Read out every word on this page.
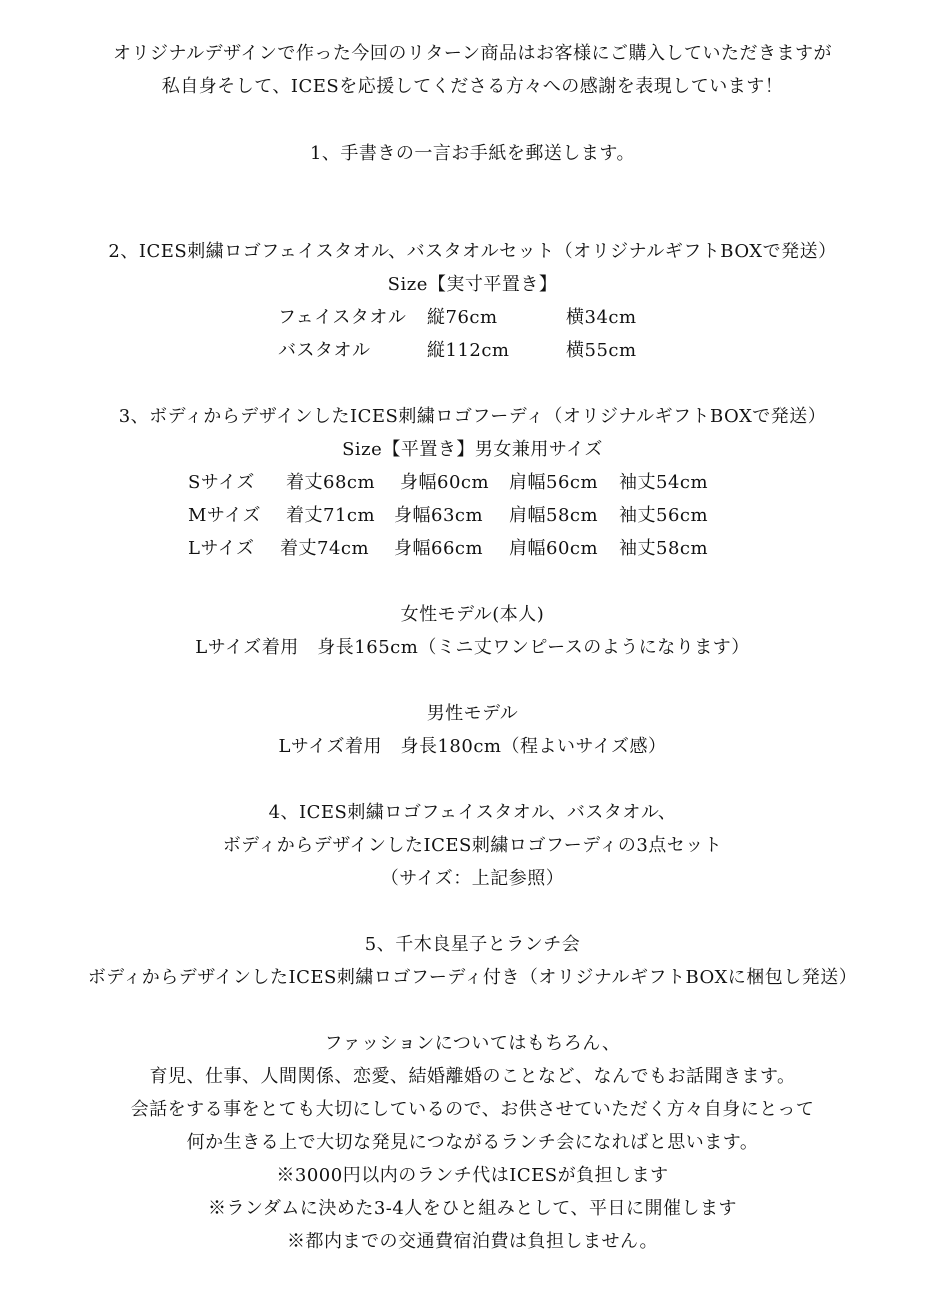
オリジナルデザインで作った今回のリターン商品はお客様にご購入していただきますが
私自身そして、ICESを応援してくださる方々への感謝を表現しています！
1、手書きの一言お手紙を郵送します。
2、ICES刺繍ロゴフェイスタオル、バスタオルセット（オリジナルギフトBOXで発送）
Size【実寸平置き】
フェイスタオル 縦76cm	横34cm
バスタオル	縦112cm	横55cm
3、ボディからデザインしたICES刺繍ロゴフーディ（オリジナルギフトBOXで発送）
Size【平置き】男女兼用サイズ
Sサイズ 着丈68cm 身幅60cm 肩幅56cm 袖丈54cm
Mサイズ 着丈71cm 身幅63cm 肩幅58cm 袖丈56cm
Lサイズ 着丈74cm 身幅66cm 肩幅60cm 袖丈58cm
女性モデル(本人)
Lサイズ着用　身長165cm（ミニ丈ワンピースのようになります）
男性モデル
Lサイズ着用　身長180cm（程よいサイズ感）
4、ICES刺繍ロゴフェイスタオル、バスタオル、
ボディからデザインしたICES刺繍ロゴフーディの3点セット
（サイズ：上記参照）
5、千木良星子とランチ会
ボディからデザインしたICES刺繍ロゴフーディ付き（オリジナルギフトBOXに梱包し発送）
ファッションについてはもちろん、
育児、仕事、人間関係、恋愛、結婚離婚のことなど、なんでもお話聞きます。
会話をする事をとても大切にしているので、お供させていただく方々自身にとって
何か生きる上で大切な発見につながるランチ会になればと思います。
※3000円以内のランチ代はICESが負担します
※ランダムに決めた3-4人をひと組みとして、平日に開催します
※都内までの交通費宿泊費は負担しません。
